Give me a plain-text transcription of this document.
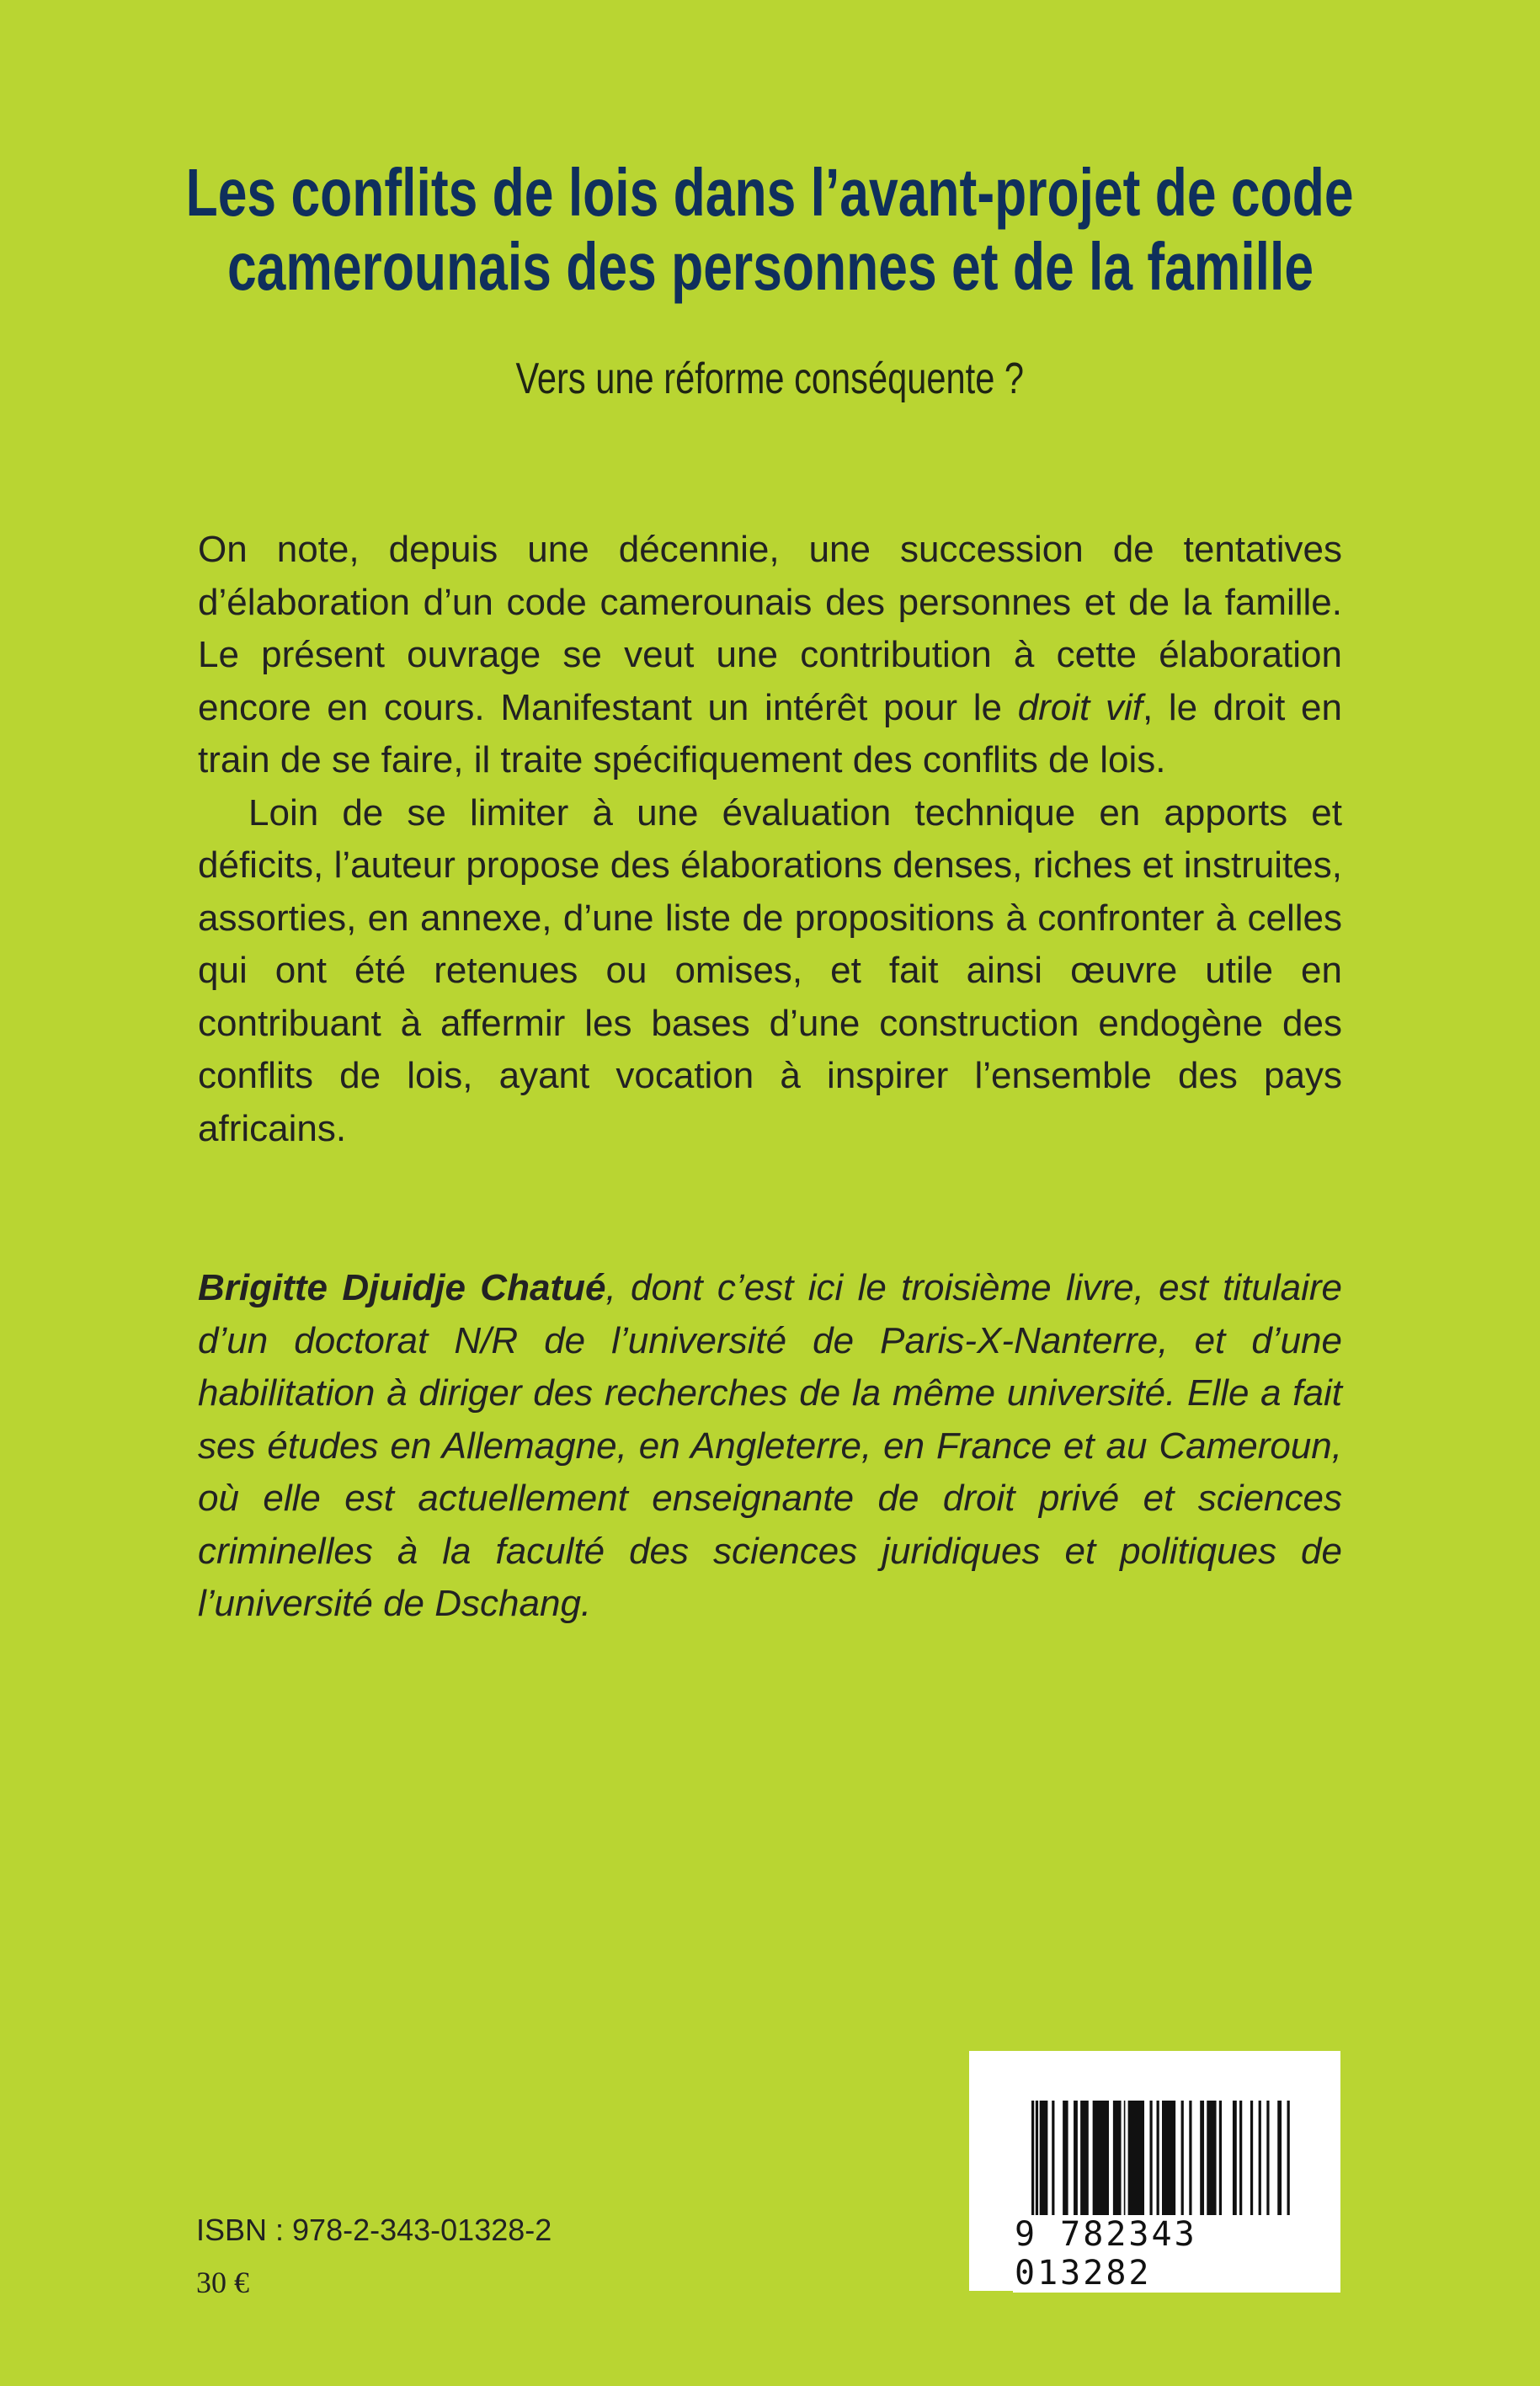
Les conflits de lois dans l’avant-projet de code
camerounais des personnes et de la famille
Vers une réforme conséquente ?

On note, depuis une décennie, une succession de tentatives d’élaboration d’un code camerounais des personnes et de la famille. Le présent ouvrage se veut une contribution à cette élaboration encore en cours. Manifestant un intérêt pour le droit vif, le droit en train de se faire, il traite spécifiquement des conflits de lois.

Loin de se limiter à une évaluation technique en apports et déficits, l’auteur propose des élaborations denses, riches et instruites, assorties, en annexe, d’une liste de propositions à confronter à celles qui ont été retenues ou omises, et fait ainsi œuvre utile en contribuant à affermir les bases d’une construction endogène des conflits de lois, ayant vocation à inspirer l’ensemble des pays africains.

Brigitte Djuidje Chatué, dont c’est ici le troisième livre, est titulaire d’un doctorat N/R de l’université de Paris-X-Nanterre, et d’une habilitation à diriger des recherches de la même université. Elle a fait ses études en Allemagne, en Angleterre, en France et au Cameroun, où elle est actuellement enseignante de droit privé et sciences criminelles à la faculté des sciences juridiques et politiques de l’université de Dschang.

ISBN : 978-2-343-01328-2
30 €
9 782343 013282
